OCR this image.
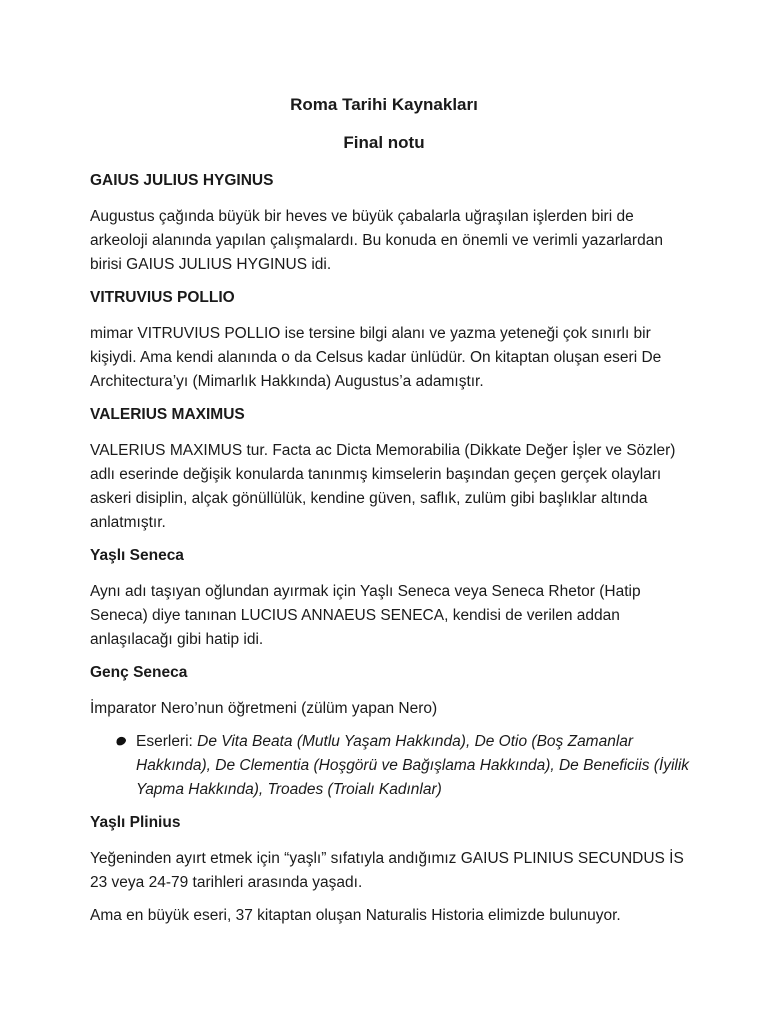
Roma Tarihi Kaynakları
Final notu
GAIUS JULIUS HYGINUS

Augustus çağında büyük bir heves ve büyük çabalarla uğraşılan işlerden biri de arkeoloji alanında yapılan çalışmalardı. Bu konuda en önemli ve verimli yazarlardan birisi GAIUS JULIUS HYGINUS idi.

VITRUVIUS POLLIO

mimar VITRUVIUS POLLIO ise tersine bilgi alanı ve yazma yeteneği çok sınırlı bir kişiydi. Ama kendi alanında o da Celsus kadar ünlüdür. On kitaptan oluşan eseri De Architectura’yı (Mimarlık Hakkında) Augustus’a adamıştır.

VALERIUS MAXIMUS

VALERIUS MAXIMUS tur. Facta ac Dicta Memorabilia (Dikkate Değer İşler ve Sözler) adlı eserinde değişik konularda tanınmış kimselerin başından geçen gerçek olayları askeri disiplin, alçak gönüllülük, kendine güven, saflık, zulüm gibi başlıklar altında anlatmıştır.

Yaşlı Seneca

Aynı adı taşıyan oğlundan ayırmak için Yaşlı Seneca veya Seneca Rhetor (Hatip Seneca) diye tanınan LUCIUS ANNAEUS SENECA, kendisi de verilen addan anlaşılacağı gibi hatip idi.

Genç Seneca

İmparator Nero’nun öğretmeni (zülüm yapan Nero)

Eserleri: De Vita Beata (Mutlu Yaşam Hakkında), De Otio (Boş Zamanlar Hakkında), De Clementia (Hoşgörü ve Bağışlama Hakkında), De Beneficiis (İyilik Yapma Hakkında), Troades (Troialı Kadınlar)
Yaşlı Plinius

Yeğeninden ayırt etmek için “yaşlı” sıfatıyla andığımız GAIUS PLINIUS SECUNDUS İS 23 veya 24-79 tarihleri arasında yaşadı.

Ama en büyük eseri, 37 kitaptan oluşan Naturalis Historia elimizde bulunuyor.
